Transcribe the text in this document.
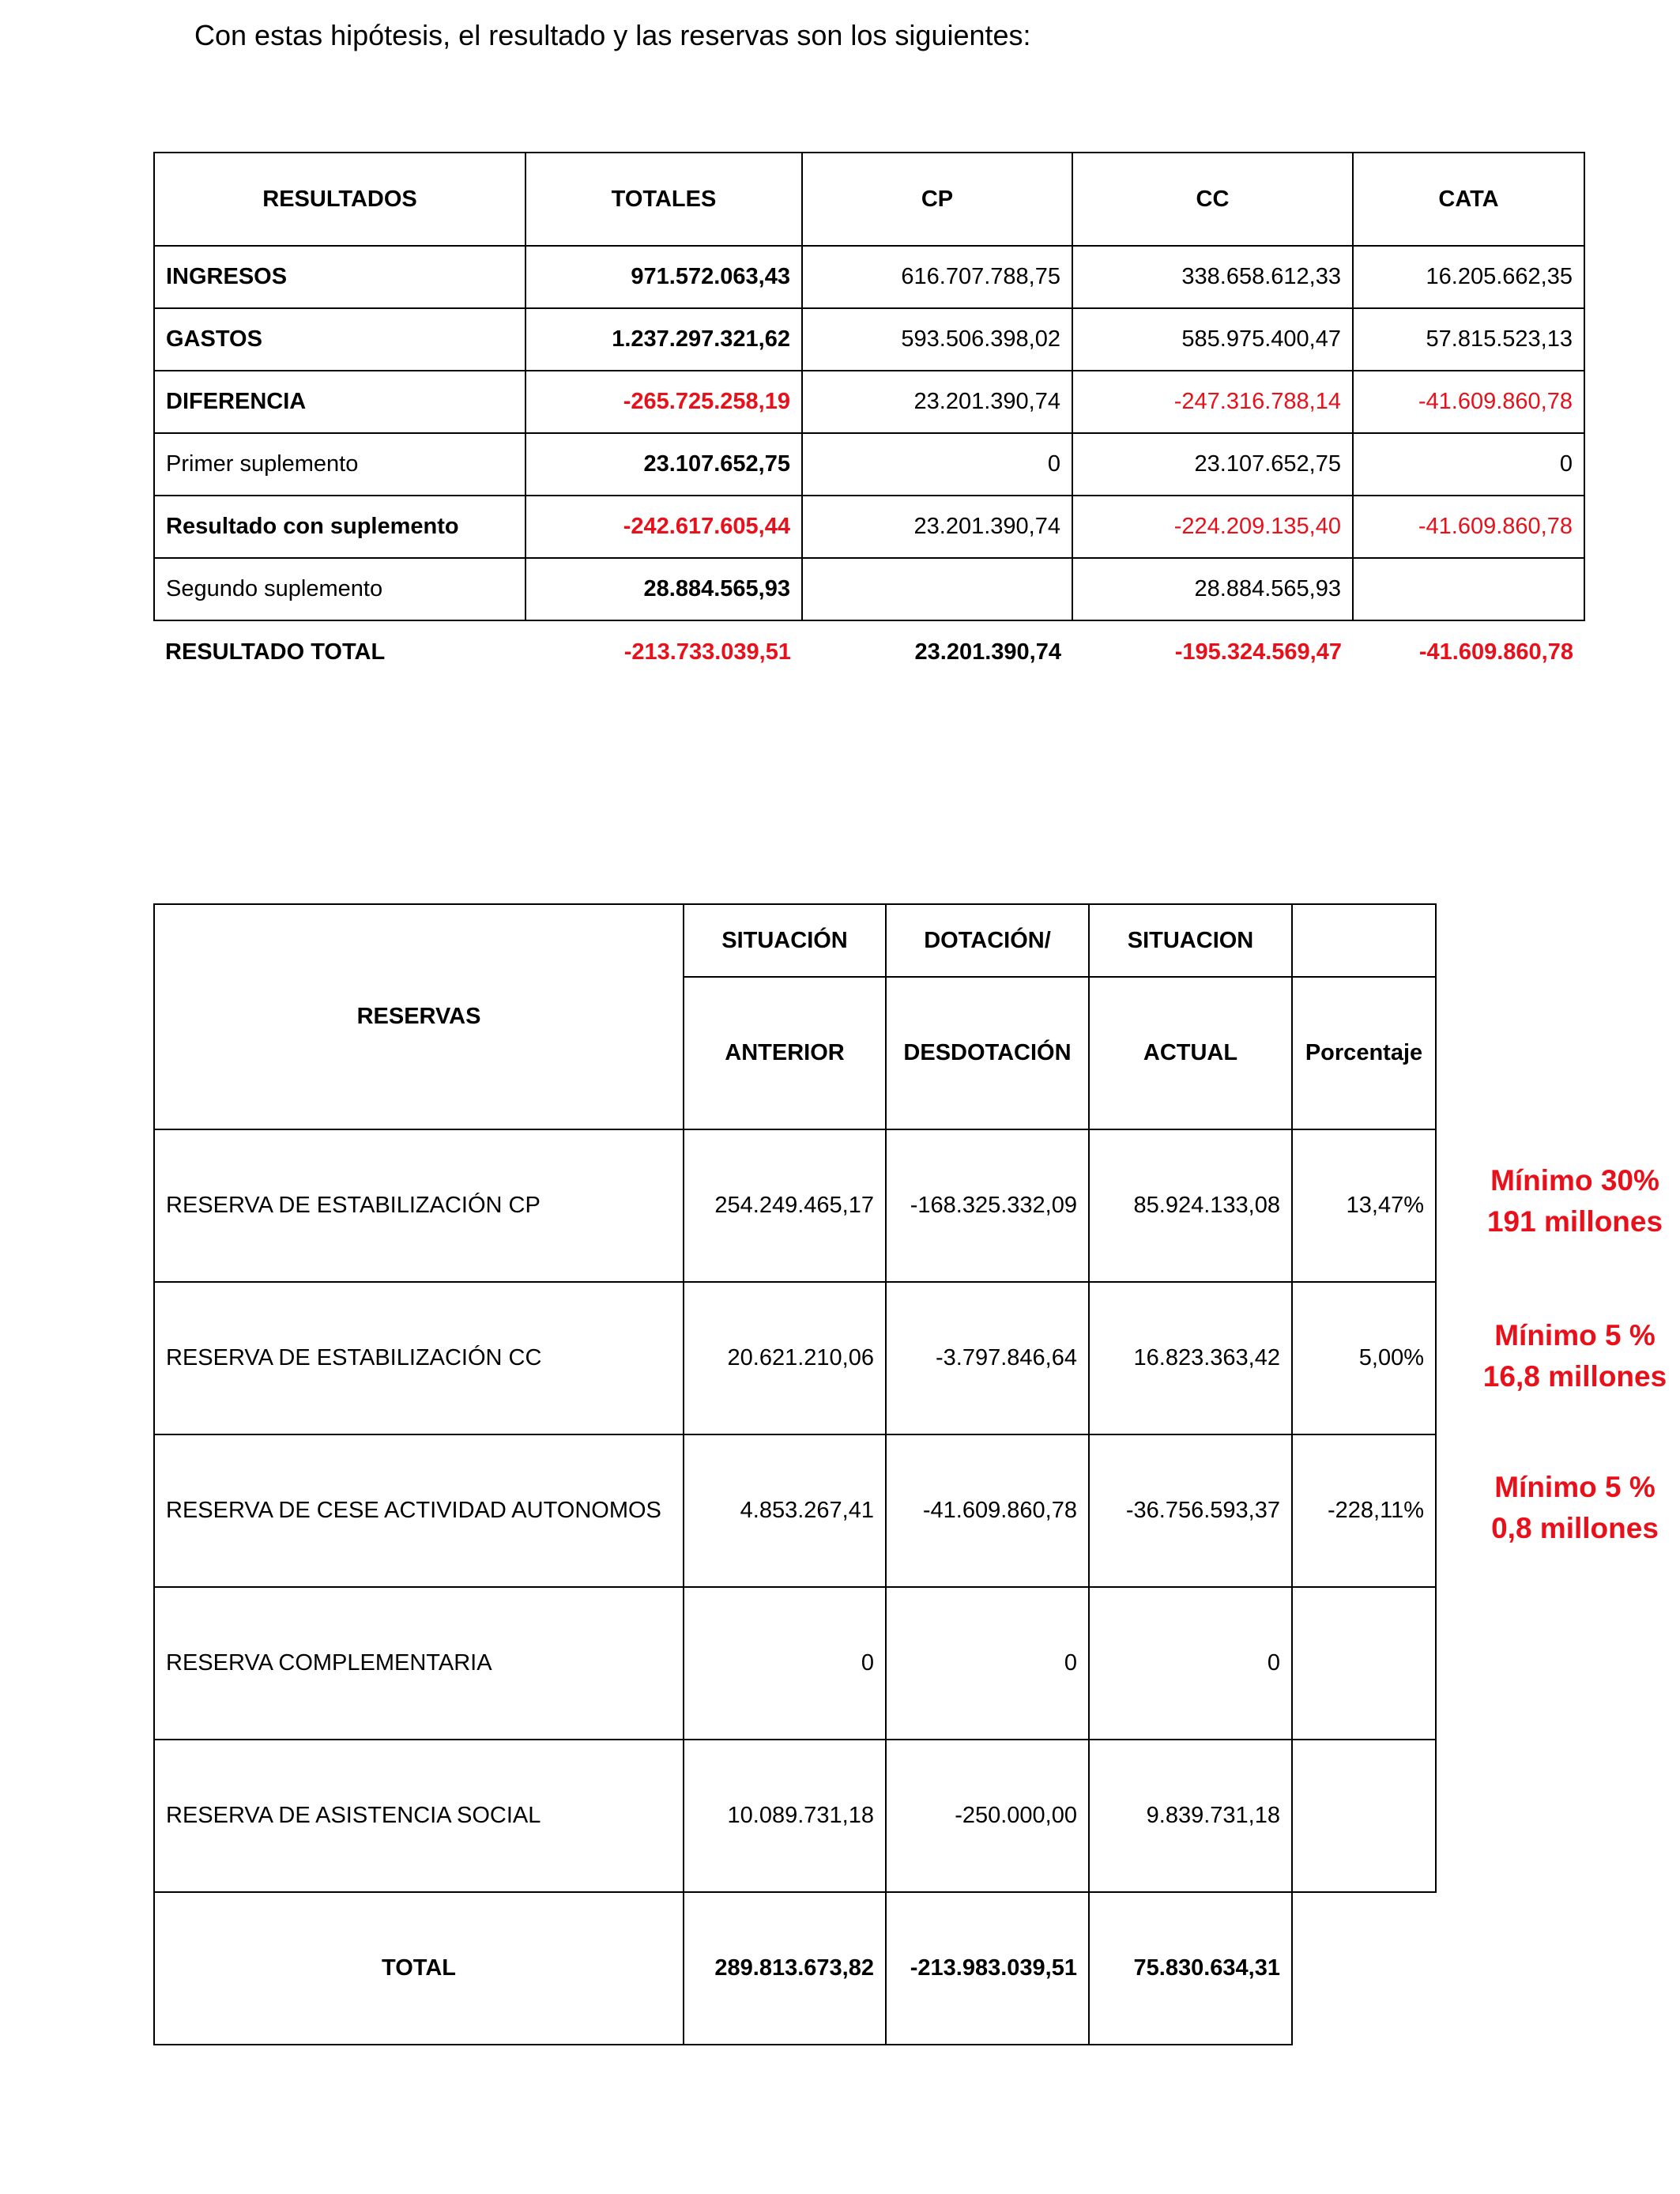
Con estas hipótesis, el resultado y las reservas son los siguientes:
RESULTADOS	TOTALES	CP	CC	CATA
INGRESOS	971.572.063,43	616.707.788,75	338.658.612,33	16.205.662,35
GASTOS	1.237.297.321,62	593.506.398,02	585.975.400,47	57.815.523,13
DIFERENCIA	-265.725.258,19	23.201.390,74	-247.316.788,14	-41.609.860,78
Primer suplemento	23.107.652,75	0	23.107.652,75	0
Resultado con suplemento	-242.617.605,44	23.201.390,74	-224.209.135,40	-41.609.860,78
Segundo suplemento	28.884.565,93		28.884.565,93	
RESULTADO TOTAL	-213.733.039,51	23.201.390,74	-195.324.569,47	-41.609.860,78
RESERVAS	SITUACIÓN	DOTACIÓN/	SITUACION	
	ANTERIOR	DESDOTACIÓN	ACTUAL	Porcentaje
RESERVA DE ESTABILIZACIÓN CP	254.249.465,17	-168.325.332,09	85.924.133,08	13,47%
RESERVA DE ESTABILIZACIÓN CC	20.621.210,06	-3.797.846,64	16.823.363,42	5,00%
RESERVA DE CESE ACTIVIDAD AUTONOMOS	4.853.267,41	-41.609.860,78	-36.756.593,37	-228,11%
RESERVA COMPLEMENTARIA	0	0	0	
RESERVA DE ASISTENCIA SOCIAL	10.089.731,18	-250.000,00	9.839.731,18	
TOTAL	289.813.673,82	-213.983.039,51	75.830.634,31	
Mínimo 30%
191 millones
Mínimo 5 %
16,8 millones
Mínimo 5 %
0,8 millones
